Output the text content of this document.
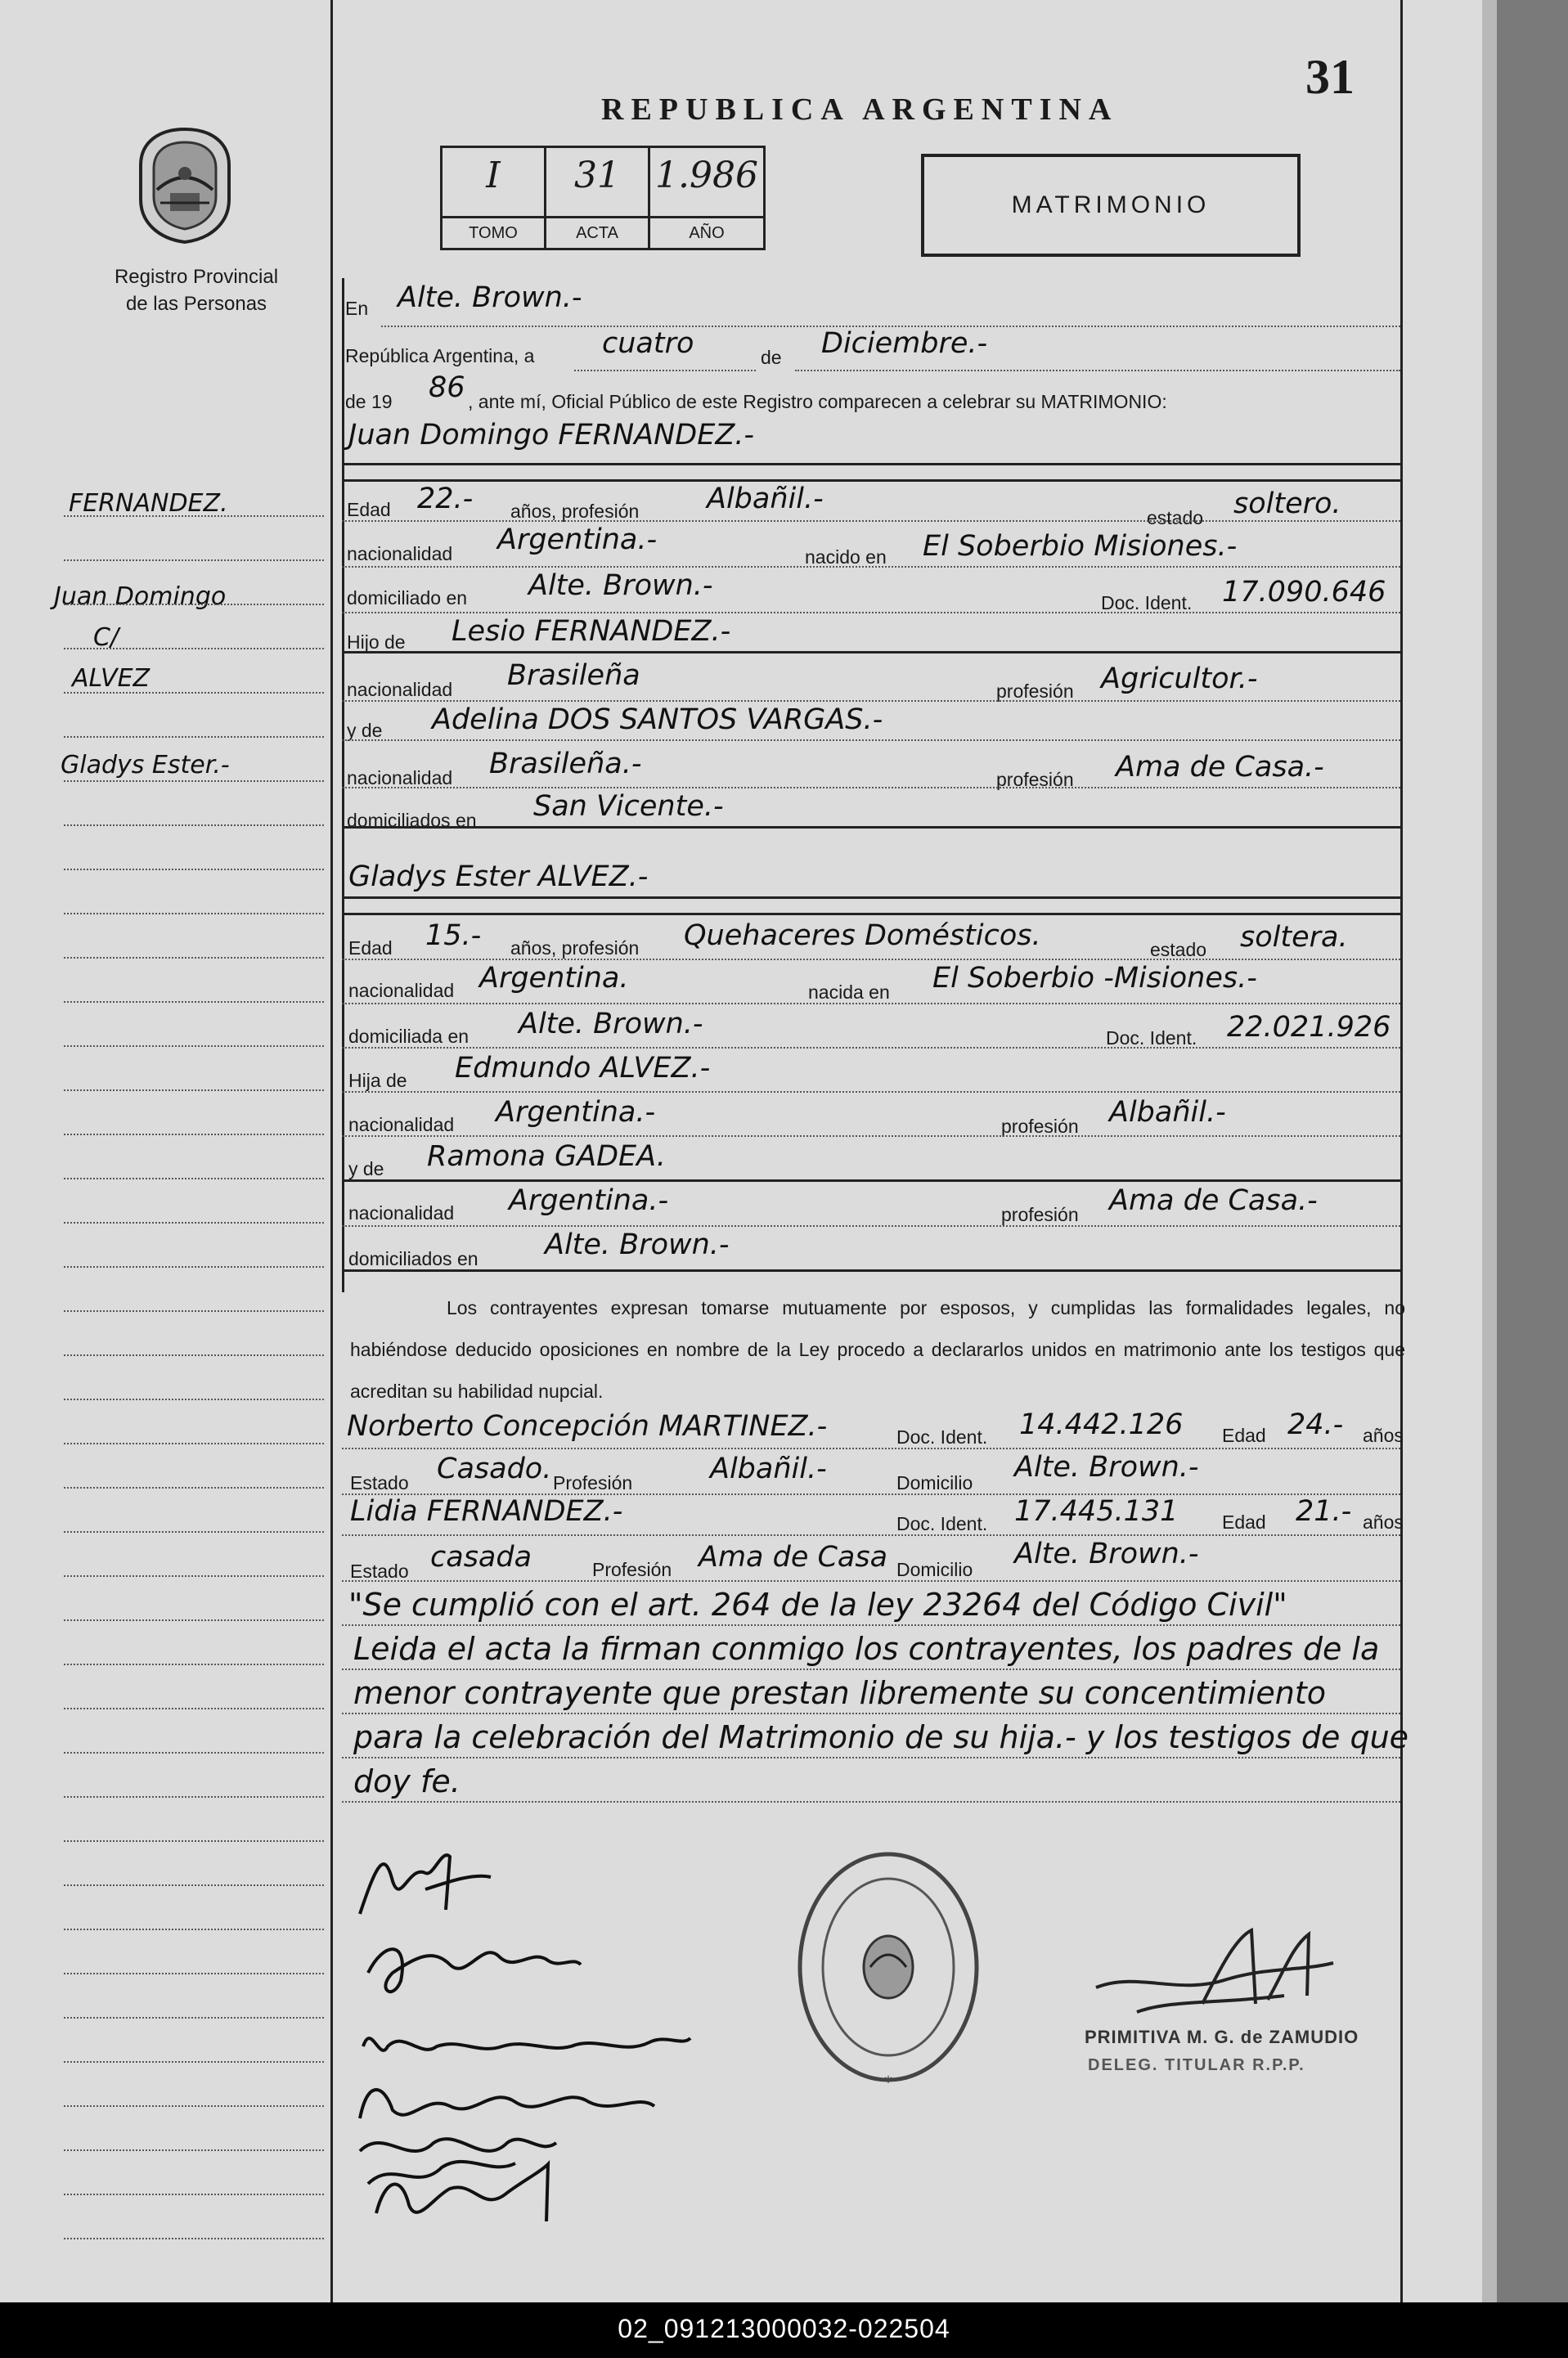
31
REPUBLICA ARGENTINA
I
TOMO
31
ACTA
1.986
AÑO
MATRIMONIO
Registro Provincial
de las Personas
FERNANDEZ.
Juan Domingo
C/
ALVEZ
Gladys Ester.-
En Alte. Brown.-
República Argentina, a cuatro	de Diciembre.-
de 19 86 , ante mí, Oficial Público de este Registro comparecen a celebrar su MATRIMONIO:
Juan Domingo FERNANDEZ.-
Edad 22.- años, profesión Albañil.-
estado soltero.
nacionalidad Argentina.-
nacido en El Soberbio Misiones.-
domiciliado en Alte. Brown.-
Doc. Ident. 17.090.646
Hijo de Lesio FERNANDEZ.-
nacionalidad Brasileña	profesión Agricultor.-
y de Adelina DOS SANTOS VARGAS.-
nacionalidad Brasileña.-	profesión Ama de Casa.-
domiciliados en San Vicente.-
Gladys Ester ALVEZ.-
Edad 15.- años, profesión Quehaceres Domésticos.	estado soltera.
nacionalidad Argentina.	nacida en El Soberbio -Misiones.-
domiciliada en Alte. Brown.-	Doc. Ident. 22.021.926
Hija de Edmundo ALVEZ.-
nacionalidad Argentina.-	profesión Albañil.-
y de Ramona GADEA.
nacionalidad Argentina.-	profesión Ama de Casa.-
domiciliados en Alte. Brown.-
Los contrayentes expresan tomarse mutuamente por esposos, y cumplidas las formalidades legales, no habiéndose deducido oposiciones en nombre de la Ley procedo a declararlos unidos en matrimonio ante los testigos que acreditan su habilidad nupcial.
Norberto Concepción MARTINEZ.-	Doc. Ident. 14.442.126 Edad 24.- años
Estado Casado. Profesión	Albañil.-	Domicilio Alte. Brown.-
Lidia FERNANDEZ.-	Doc. Ident. 17.445.131 Edad 21.- años
Estado casada	Profesión Ama de Casa Domicilio Alte. Brown.-
"Se cumplió con el art. 264 de la ley 23264 del Código Civil"
Leida el acta la firman conmigo los contrayentes, los padres de la
menor contrayente que prestan libremente su concentimiento
para la celebración del Matrimonio de su hija.- y los testigos de que
doy fe.
*
PRIMITIVA M. G. de ZAMUDIO
DELEG. TITULAR R.P.P.
02_091213000032-022504
